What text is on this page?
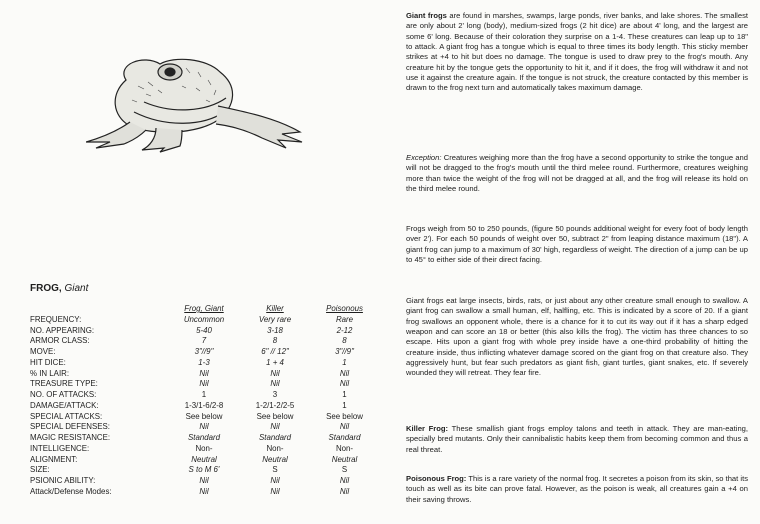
FROG, Giant
	Frog, Giant	Killer	Poisonous
FREQUENCY:	Uncommon	Very rare	Rare
NO. APPEARING:	5-40	3-18	2-12
ARMOR CLASS:	7	8	8
MOVE:	3"//9"	6" // 12"	3"//9"
HIT DICE:	1-3	1 + 4	1
% IN LAIR:	Nil	Nil	Nil
TREASURE TYPE:	Nil	Nil	Nil
NO. OF ATTACKS:	1	3	1
DAMAGE/ATTACK:	1-3/1-6/2-8	1-2/1-2/2-5	1
SPECIAL ATTACKS:	See below	See below	See below
SPECIAL DEFENSES:	Nil	Nil	Nil
MAGIC RESISTANCE:	Standard	Standard	Standard
INTELLIGENCE:	Non-	Non-	Non-
ALIGNMENT:	Neutral	Neutral	Neutral
SIZE:	S to M 6'	S	S
PSIONIC ABILITY:	Nil	Nil	Nil
Attack/Defense Modes:	Nil	Nil	Nil
Giant frogs are found in marshes, swamps, large ponds, river banks, and lake shores. The smallest are only about 2' long (body), medium-sized frogs (2 hit dice) are about 4' long, and the largest are some 6' long. Because of their coloration they surprise on a 1-4. These creatures can leap up to 18" to attack. A giant frog has a tongue which is equal to three times its body length. This sticky member strikes at +4 to hit but does no damage. The tongue is used to draw prey to the frog's mouth. Any creature hit by the tongue gets the opportunity to hit it, and if it does, the frog will withdraw it and not use it against the creature again. If the tongue is not struck, the creature contacted by this member is drawn to the frog next turn and automatically takes maximum damage.
Exception: Creatures weighing more than the frog have a second opportunity to strike the tongue and will not be dragged to the frog's mouth until the third melee round. Furthermore, creatures weighing more than twice the weight of the frog will not be dragged at all, and the frog will release its hold on the third melee round.
Frogs weigh from 50 to 250 pounds, (figure 50 pounds additional weight for every foot of body length over 2'). For each 50 pounds of weight over 50, subtract 2" from leaping distance maximum (18"). A giant frog can jump to a maximum of 30' high, regardless of weight. The direction of a jump can be up to 45° to either side of their direct facing.
Giant frogs eat large insects, birds, rats, or just about any other creature small enough to swallow. A giant frog can swallow a small human, elf, halfling, etc. This is indicated by a score of 20. If a giant frog swallows an opponent whole, there is a chance for it to cut its way out if it has a sharp edged weapon and can score an 18 or better (this also kills the frog). The victim has three chances to so escape. Hits upon a giant frog with whole prey inside have a one-third probability of hitting the creature inside, thus inflicting whatever damage scored on the giant frog on that creature also. They aggressively hunt, but fear such predators as giant fish, giant turtles, giant snakes, etc. If severely wounded they will retreat. They fear fire.
Killer Frog: These smallish giant frogs employ talons and teeth in attack. They are man-eating, specially bred mutants. Only their cannibalistic habits keep them from becoming common and thus a real threat.
Poisonous Frog: This is a rare variety of the normal frog. It secretes a poison from its skin, so that its touch as well as its bite can prove fatal. However, as the poison is weak, all creatures gain a +4 on their saving throws.
